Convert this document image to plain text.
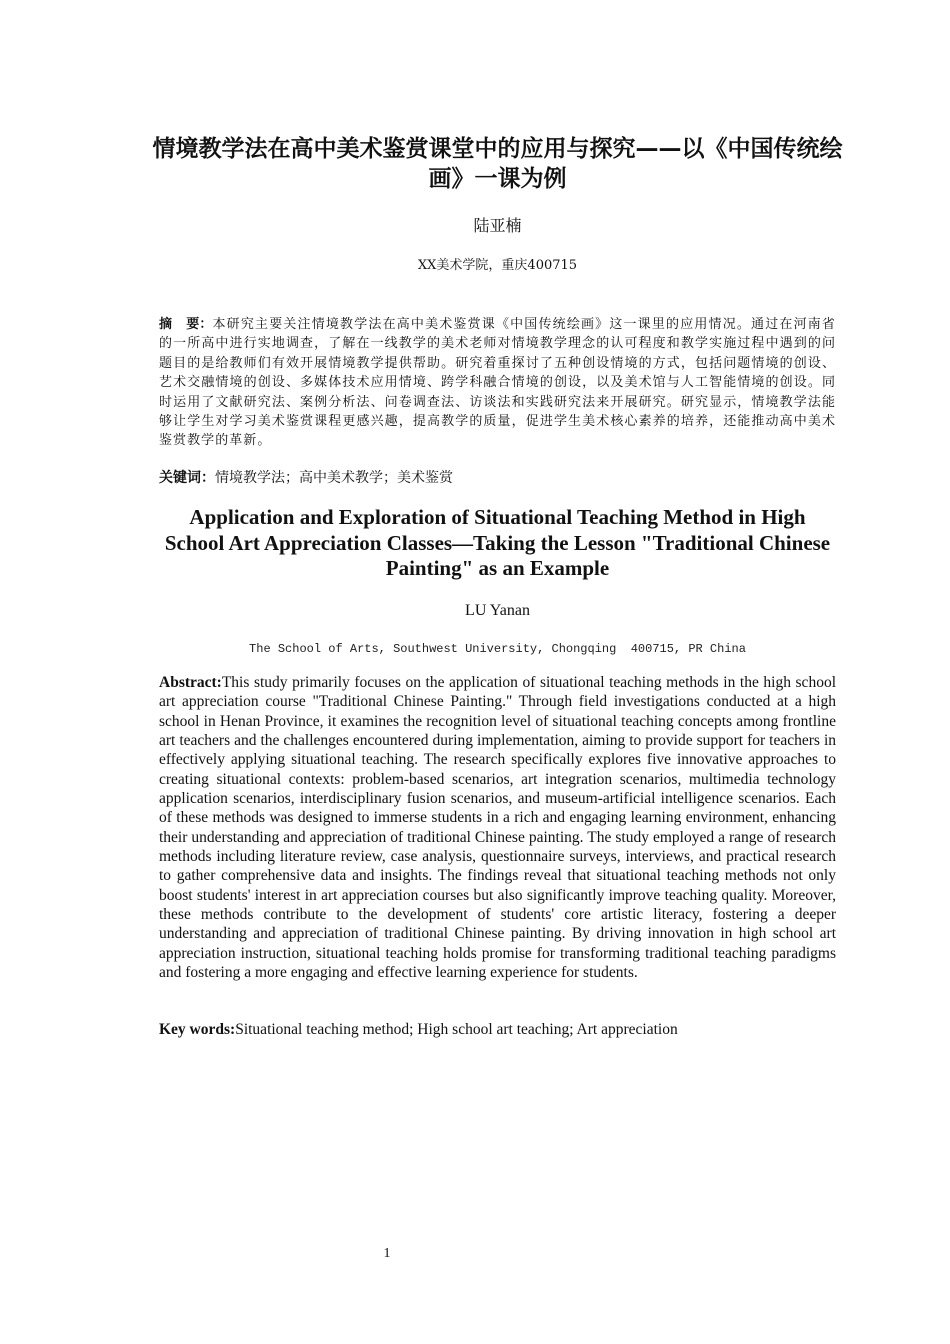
情境教学法在高中美术鉴赏课堂中的应用与探究——以《中国传统绘画》一课为例
陆亚楠
XX美术学院，重庆400715
摘 要：本研究主要关注情境教学法在高中美术鉴赏课《中国传统绘画》这一课里的应用情况。通过在河南省的一所高中进行实地调查，了解在一线教学的美术老师对情境教学理念的认可程度和教学实施过程中遇到的问题目的是给教师们有效开展情境教学提供帮助。研究着重探讨了五种创设情境的方式，包括问题情境的创设、艺术交融情境的创设、多媒体技术应用情境、跨学科融合情境的创设，以及美术馆与人工智能情境的创设。同时运用了文献研究法、案例分析法、问卷调查法、访谈法和实践研究法来开展研究。研究显示，情境教学法能够让学生对学习美术鉴赏课程更感兴趣，提高教学的质量，促进学生美术核心素养的培养，还能推动高中美术鉴赏教学的革新。
关键词：情境教学法；高中美术教学；美术鉴赏
Application and Exploration of Situational Teaching Method in High School Art Appreciation Classes—Taking the Lesson "Traditional Chinese Painting" as an Example
LU Yanan
The School of Arts, Southwest University, Chongqing  400715, PR China
Abstract:This study primarily focuses on the application of situational teaching methods in the high school art appreciation course "Traditional Chinese Painting." Through field investigations conducted at a high school in Henan Province, it examines the recognition level of situational teaching concepts among frontline art teachers and the challenges encountered during implementation, aiming to provide support for teachers in effectively applying situational teaching. The research specifically explores five innovative approaches to creating situational contexts: problem-based scenarios, art integration scenarios, multimedia technology application scenarios, interdisciplinary fusion scenarios, and museum-artificial intelligence scenarios. Each of these methods was designed to immerse students in a rich and engaging learning environment, enhancing their understanding and appreciation of traditional Chinese painting. The study employed a range of research methods including literature review, case analysis, questionnaire surveys, interviews, and practical research to gather comprehensive data and insights. The findings reveal that situational teaching methods not only boost students' interest in art appreciation courses but also significantly improve teaching quality. Moreover, these methods contribute to the development of students' core artistic literacy, fostering a deeper understanding and appreciation of traditional Chinese painting. By driving innovation in high school art appreciation instruction, situational teaching holds promise for transforming traditional teaching paradigms and fostering a more engaging and effective learning experience for students.
Key words:Situational teaching method; High school art teaching; Art appreciation
1
